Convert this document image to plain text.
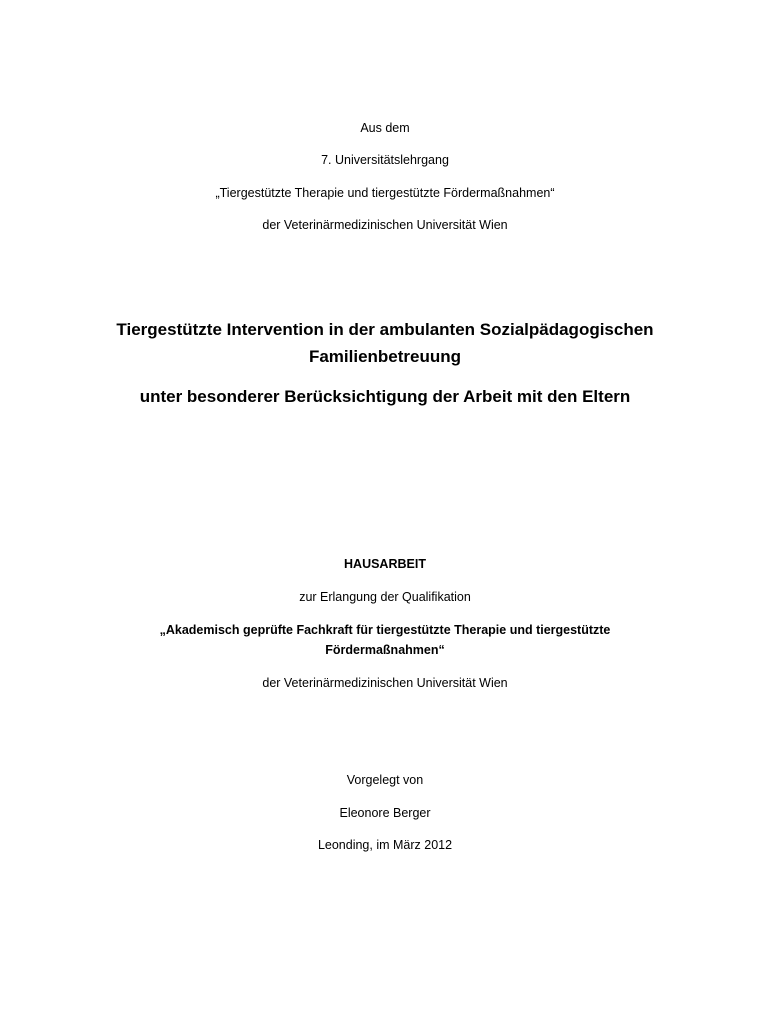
Aus dem
7. Universitätslehrgang
„Tiergestützte Therapie und tiergestützte Fördermaßnahmen“
der Veterinärmedizinischen Universität Wien
Tiergestützte Intervention in der ambulanten Sozialpädagogischen
Familienbetreuung
unter besonderer Berücksichtigung der Arbeit mit den Eltern
HAUSARBEIT
zur Erlangung der Qualifikation
„Akademisch geprüfte Fachkraft für tiergestützte Therapie und tiergestützte
Fördermaßnahmen“
der Veterinärmedizinischen Universität Wien
Vorgelegt von
Eleonore Berger
Leonding, im März 2012
